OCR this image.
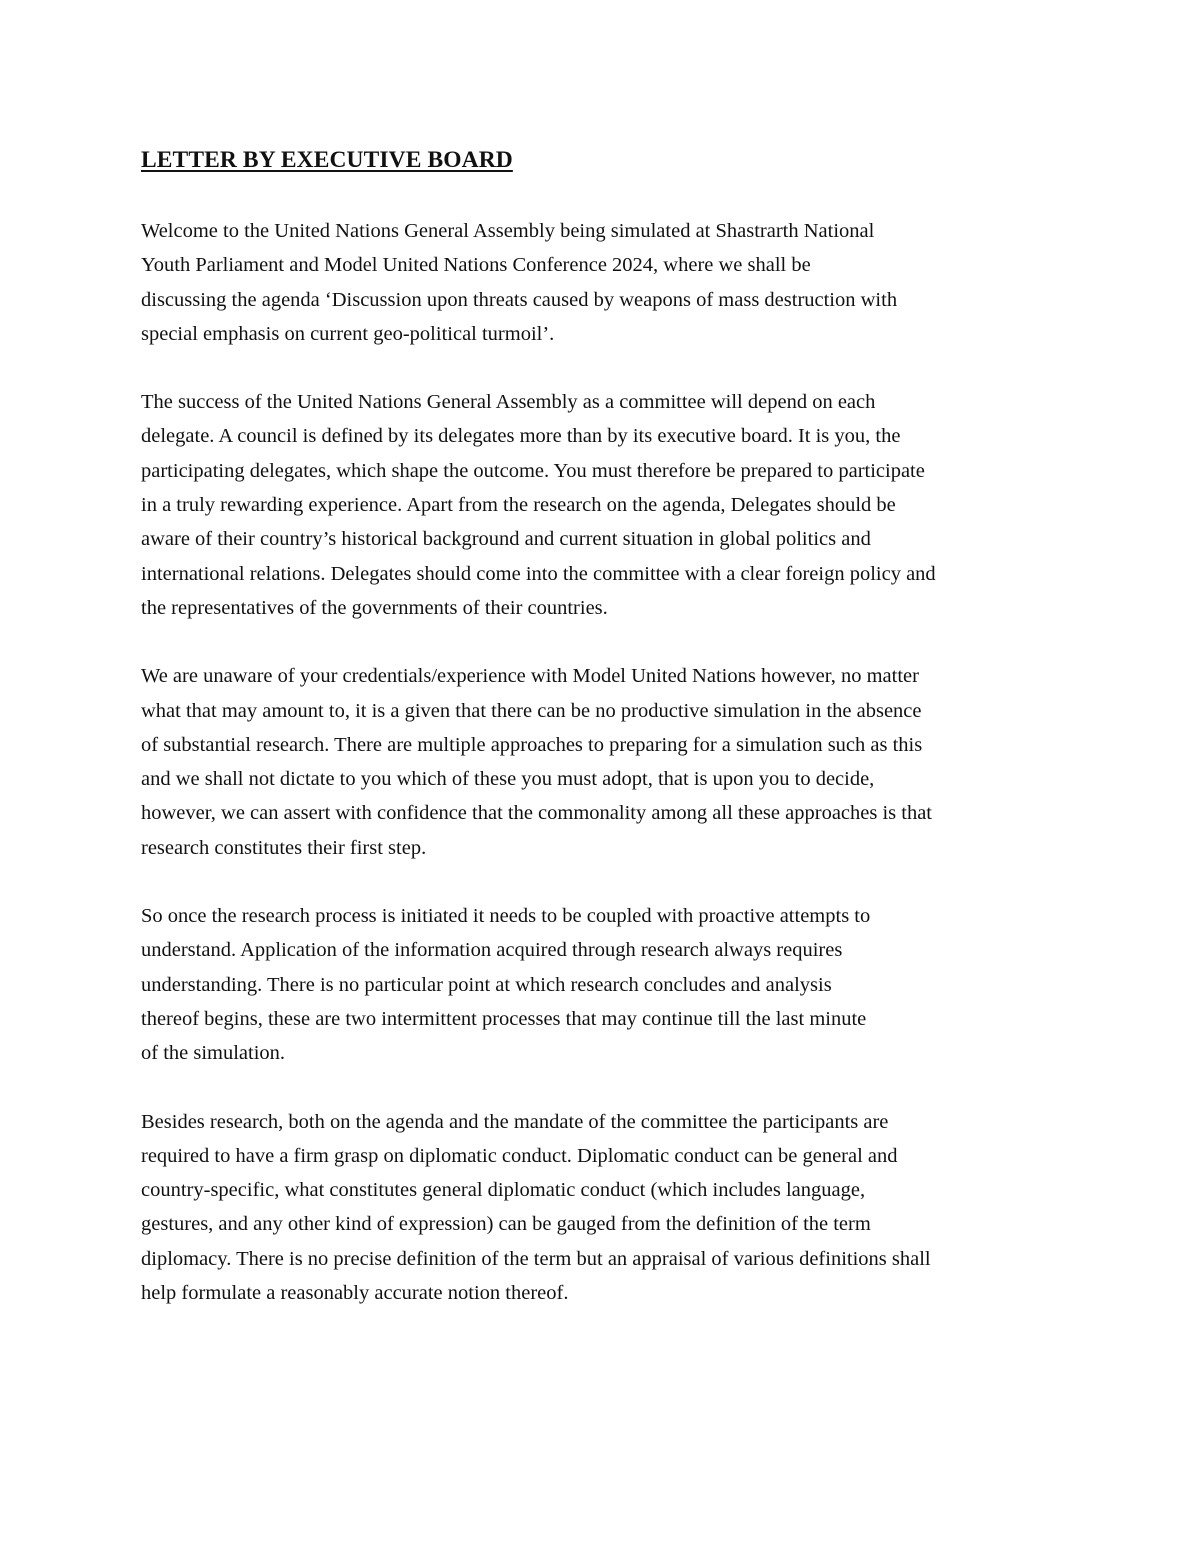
LETTER BY EXECUTIVE BOARD
Welcome to the United Nations General Assembly being simulated at Shastrarth National
Youth Parliament and Model United Nations Conference 2024, where we shall be
discussing the agenda ‘Discussion upon threats caused by weapons of mass destruction with
special emphasis on current geo-political turmoil’.
The success of the United Nations General Assembly as a committee will depend on each
delegate. A council is defined by its delegates more than by its executive board. It is you, the
participating delegates, which shape the outcome. You must therefore be prepared to participate
in a truly rewarding experience. Apart from the research on the agenda, Delegates should be
aware of their country’s historical background and current situation in global politics and
international relations. Delegates should come into the committee with a clear foreign policy and
the representatives of the governments of their countries.
We are unaware of your credentials/experience with Model United Nations however, no matter
what that may amount to, it is a given that there can be no productive simulation in the absence
of substantial research. There are multiple approaches to preparing for a simulation such as this
and we shall not dictate to you which of these you must adopt, that is upon you to decide,
however, we can assert with confidence that the commonality among all these approaches is that
research constitutes their first step.
So once the research process is initiated it needs to be coupled with proactive attempts to
understand. Application of the information acquired through research always requires
understanding. There is no particular point at which research concludes and analysis
thereof begins, these are two intermittent processes that may continue till the last minute
of the simulation.
Besides research, both on the agenda and the mandate of the committee the participants are
required to have a firm grasp on diplomatic conduct. Diplomatic conduct can be general and
country-specific, what constitutes general diplomatic conduct (which includes language,
gestures, and any other kind of expression) can be gauged from the definition of the term
diplomacy. There is no precise definition of the term but an appraisal of various definitions shall
help formulate a reasonably accurate notion thereof.
